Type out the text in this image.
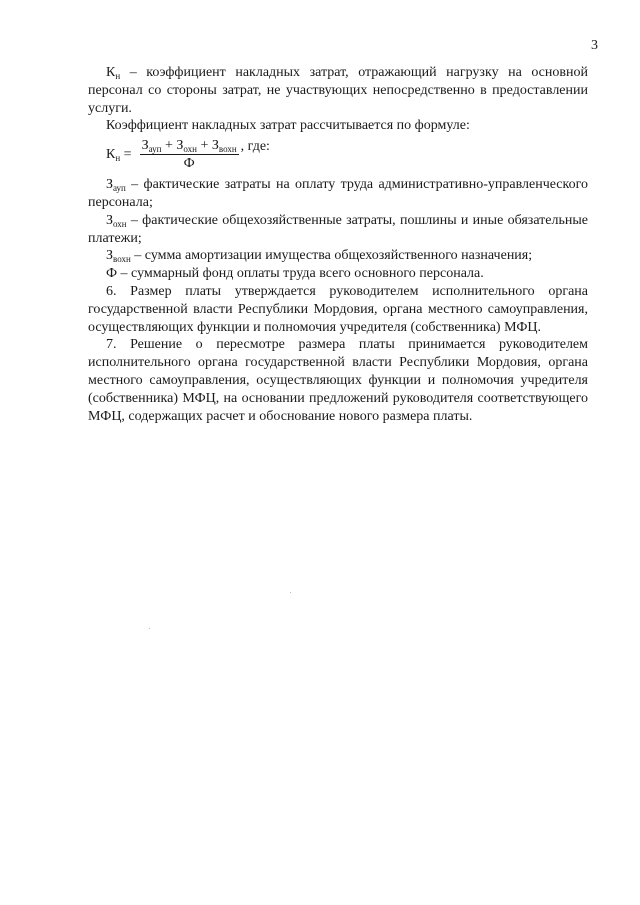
3

$К_н$ – коэффициент накладных затрат, отражающий нагрузку на основной персонал со стороны затрат, не участвующих непосредственно в предоставлении услуги.

Коэффициент накладных затрат рассчитывается по формуле:

$К_н = \frac{З_{ауп} + З_{охн} + З_{вохн}}{Ф}$ , где:

$З_{ауп}$ – фактические затраты на оплату труда административно-управленческого персонала;

$З_{охн}$ – фактические общехозяйственные затраты, пошлины и иные обязательные платежи;

$З_{вохн}$ – сумма амортизации имущества общехозяйственного назначения;

Ф – суммарный фонд оплаты труда всего основного персонала.

6. Размер платы утверждается руководителем исполнительного органа государственной власти Республики Мордовия, органа местного самоуправления, осуществляющих функции и полномочия учредителя (собственника) МФЦ.

7. Решение о пересмотре размера платы принимается руководителем исполнительного органа государственной власти Республики Мордовия, органа местного самоуправления, осуществляющих функции и полномочия учредителя (собственника) МФЦ, на основании предложений руководителя соответствующего МФЦ, содержащих расчет и обоснование нового размера платы.
